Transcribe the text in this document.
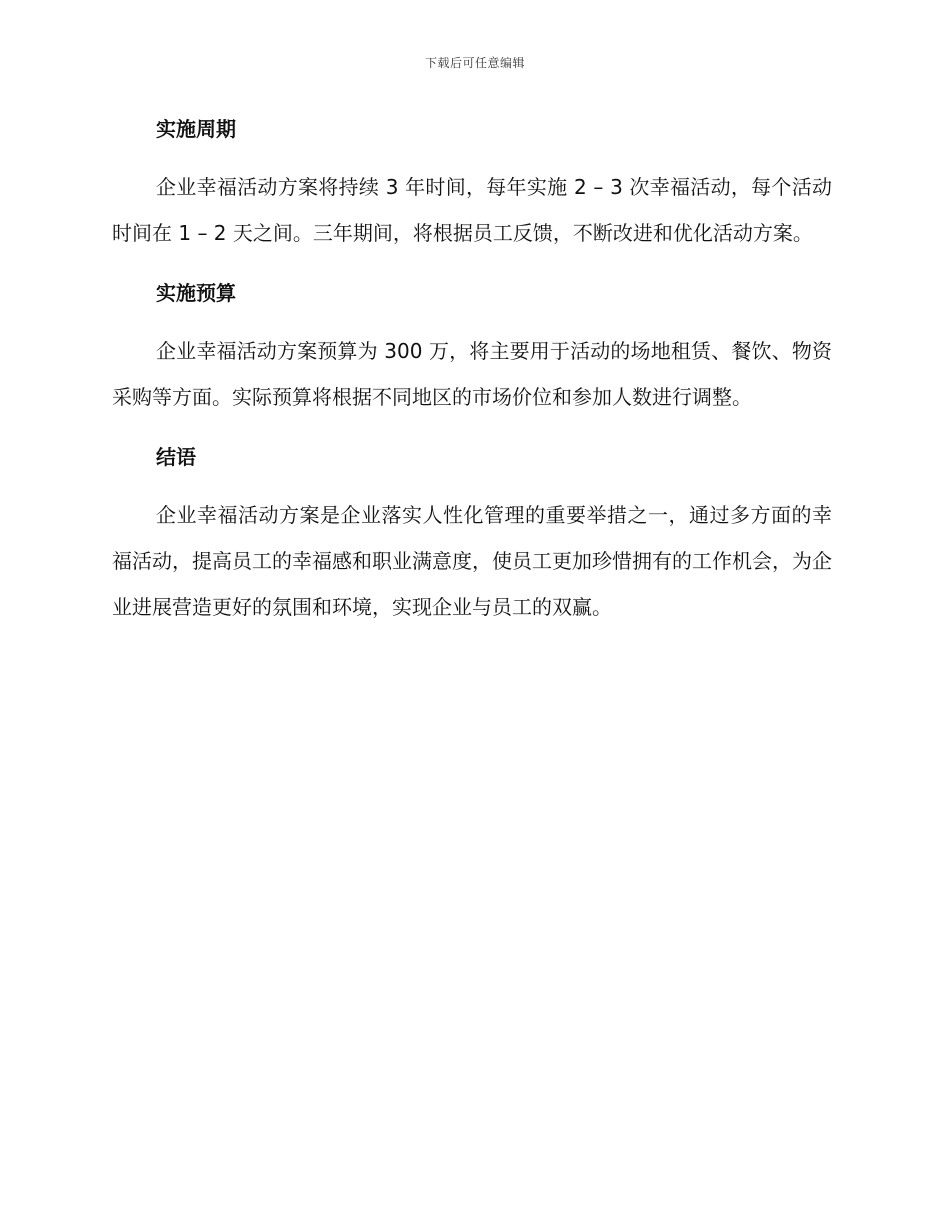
下载后可任意编辑
实施周期

企业幸福活动方案将持续 3 年时间，每年实施 2 – 3 次幸福活动，每个活动时间在 1 – 2 天之间。三年期间，将根据员工反馈，不断改进和优化活动方案。

实施预算

企业幸福活动方案预算为 300 万，将主要用于活动的场地租赁、餐饮、物资采购等方面。实际预算将根据不同地区的市场价位和参加人数进行调整。

结语

企业幸福活动方案是企业落实人性化管理的重要举措之一，通过多方面的幸福活动，提高员工的幸福感和职业满意度，使员工更加珍惜拥有的工作机会，为企业进展营造更好的氛围和环境，实现企业与员工的双赢。
